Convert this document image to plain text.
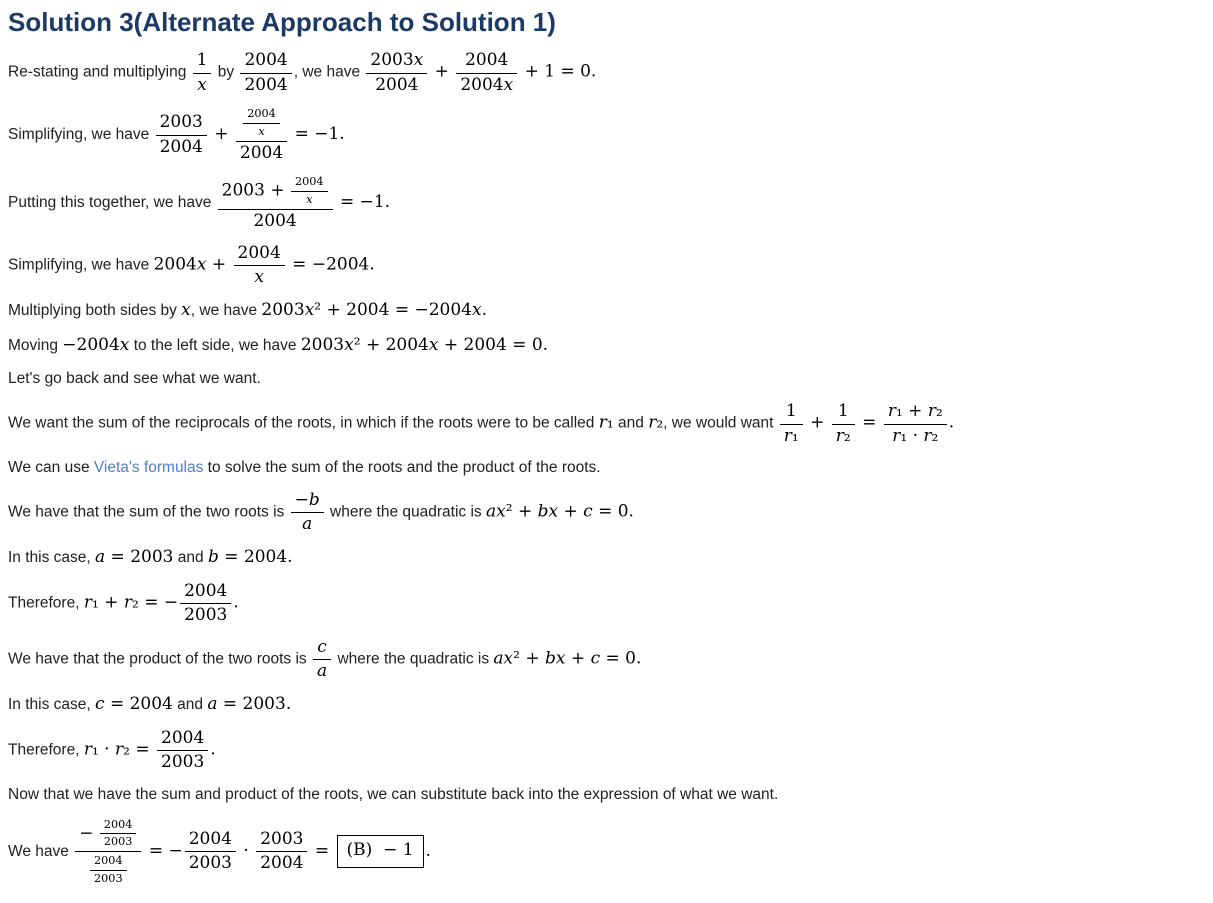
Solution 3(Alternate Approach to Solution 1)

Re-stating and multiplying $\frac{1}{x}$ by $\frac{2004}{2004}$ , we have $\frac{2003x}{2004} + \frac{2004}{2004x} + 1 = 0$.

Simplifying, we have $\frac{2003}{2004} + \frac{\frac{2004}{x}}{2004} = -1$.

Putting this together, we have $\frac{2003 + \frac{2004}{x}}{2004} = -1$.

Simplifying, we have $2004x + \frac{2004}{x} = -2004$.

Multiplying both sides by x, we have 2003x² + 2004 = −2004x.

Moving −2004x to the left side, we have 2003x² + 2004x + 2004 = 0.

Let's go back and see what we want.

We want the sum of the reciprocals of the roots, in which if the roots were to be called r₁ and r₂, we would want $\frac{1}{\text{r₁}} + \frac{1}{\text{r₂}} = \frac{\text{r₁ + r₂}}{\text{r₁ · r₂}}$ .

We can use Vieta's formulas to solve the sum of the roots and the product of the roots.

We have that the sum of the two roots is $\frac{-b}{a}$ where the quadratic is ax² + bx + c = 0.

In this case, a = 2003 and b = 2004.

Therefore, r₁ + r₂ = − $\frac{2004}{2003}$ .

We have that the product of the two roots is $\frac{c}{a}$ where the quadratic is ax² + bx + c = 0.

In this case, c = 2004 and a = 2003.

Therefore, $r_1 \cdot r_2 = \frac{2004}{2003}$ .

Now that we have the sum and product of the roots, we can substitute back into the expression of what we want.

We have $\frac{- \frac{2004}{2003}}{\frac{2004}{2003}}$ = − $\frac{2004}{2003} \cdot \frac{2003}{2004} = (B) - 1$ .
